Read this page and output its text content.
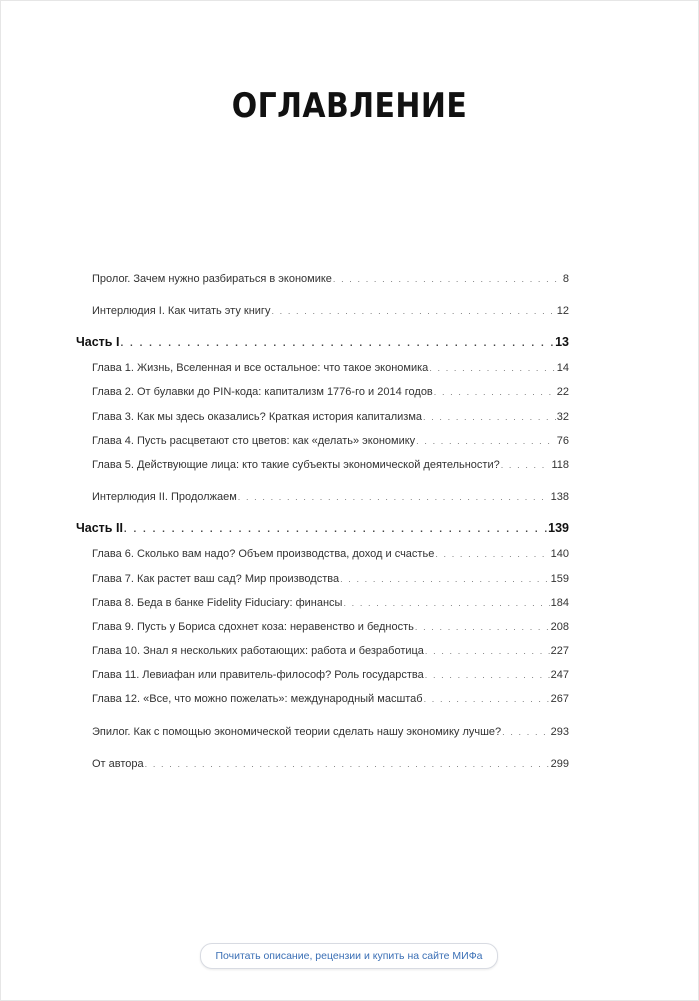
ОГЛАВЛЕНИЕ
Пролог. Зачем нужно разбираться в экономике . . .	8
Интерлюдия I. Как читать эту книгу . . .	12
Часть I . . .	13
Глава 1. Жизнь, Вселенная и все остальное: что такое экономика . . .	14
Глава 2. От булавки до PIN-кода: капитализм 1776-го и 2014 годов . . .	22
Глава 3. Как мы здесь оказались? Краткая история капитализма . . .	32
Глава 4. Пусть расцветают сто цветов: как «делать» экономику . . .	76
Глава 5. Действующие лица: кто такие субъекты экономической деятельности? . . .	118
Интерлюдия II. Продолжаем . . .	138
Часть II . . .	139
Глава 6. Сколько вам надо? Объем производства, доход и счастье . . .	140
Глава 7. Как растет ваш сад? Мир производства . . .	159
Глава 8. Беда в банке Fidelity Fiduciary: финансы . . .	184
Глава 9. Пусть у Бориса сдохнет коза: неравенство и бедность . . .	208
Глава 10. Знал я нескольких работающих: работа и безработица . . .	227
Глава 11. Левиафан или правитель-философ? Роль государства . . .	247
Глава 12. «Все, что можно пожелать»: международный масштаб . . .	267
Эпилог. Как с помощью экономической теории сделать нашу экономику лучше? . . .	293
От автора . . .	299
Почитать описание, рецензии и купить на сайте МИФа
